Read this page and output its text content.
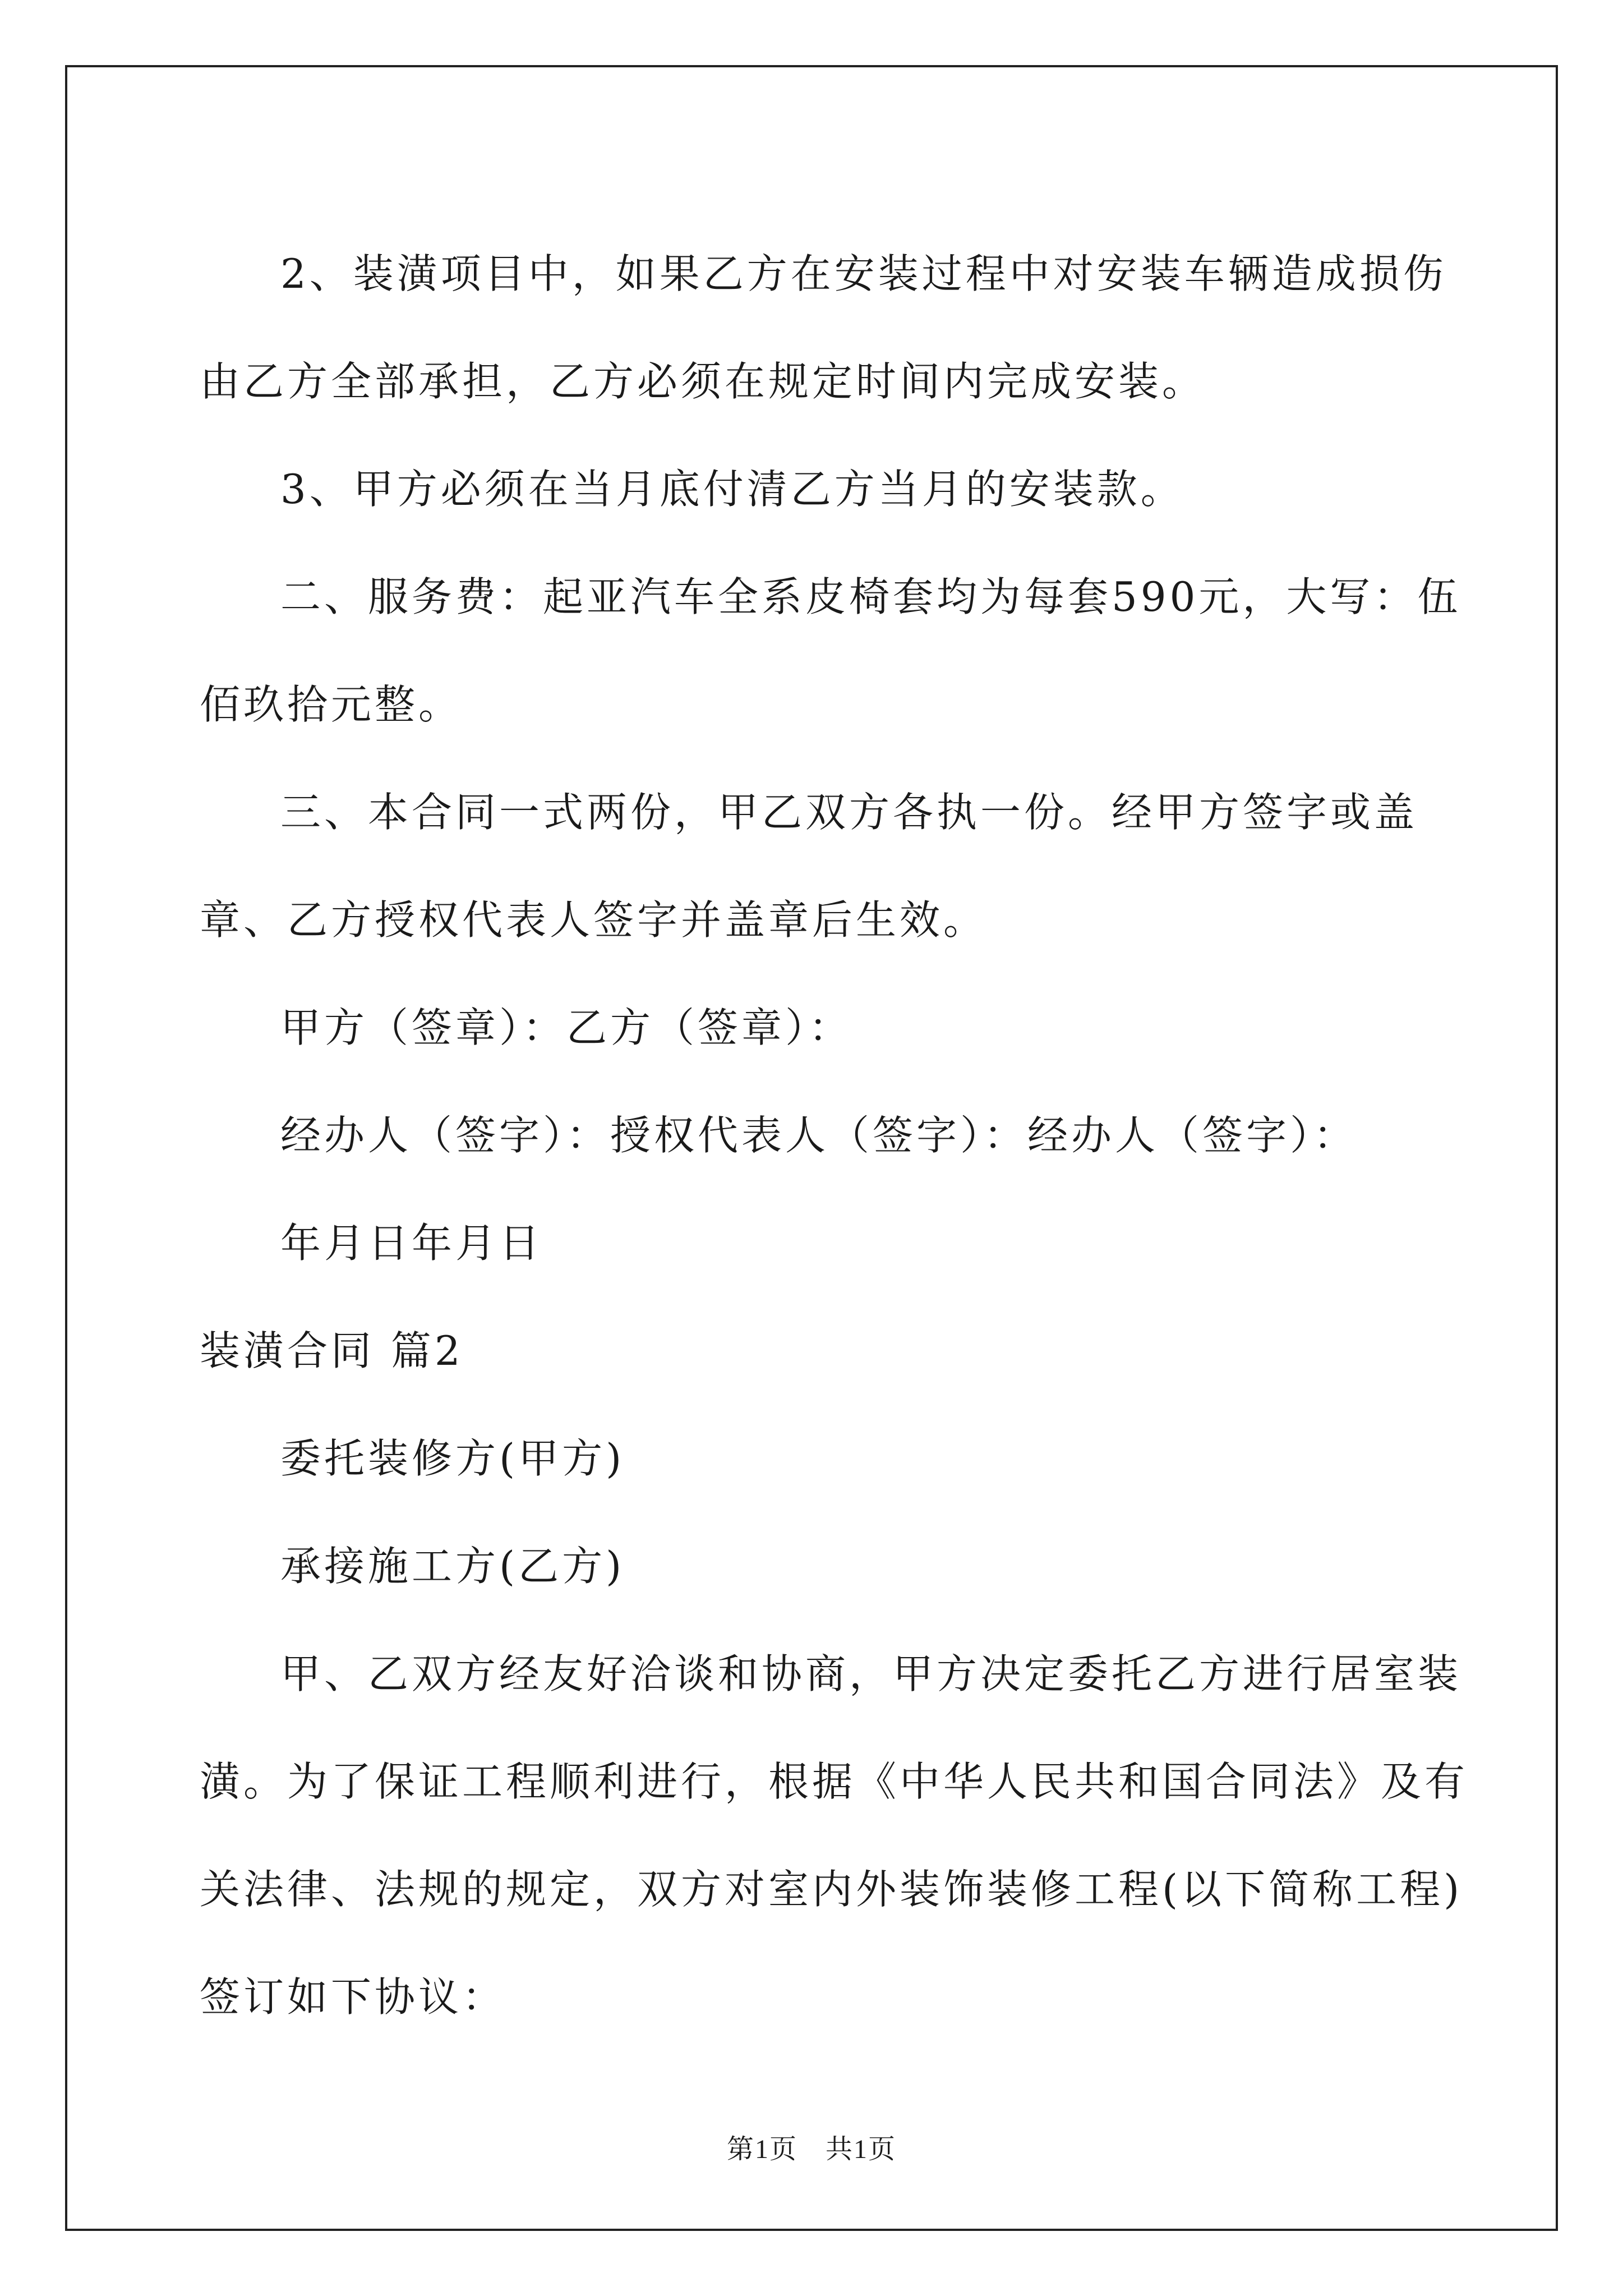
2、装潢项目中，如果乙方在安装过程中对安装车辆造成损伤由乙方全部承担，乙方必须在规定时间内完成安装。

3、甲方必须在当月底付清乙方当月的安装款。

二、服务费：起亚汽车全系皮椅套均为每套590元，大写：伍佰玖拾元整。

三、本合同一式两份，甲乙双方各执一份。经甲方签字或盖章、乙方授权代表人签字并盖章后生效。

甲方（签章）：乙方（签章）：

经办人（签字）：授权代表人（签字）：经办人（签字）：

年月日年月日

装潢合同 篇2

委托装修方(甲方)

承接施工方(乙方)

甲、乙双方经友好洽谈和协商，甲方决定委托乙方进行居室装潢。为了保证工程顺利进行，根据《中华人民共和国合同法》及有关法律、法规的规定，双方对室内外装饰装修工程(以下简称工程)签订如下协议：

第1页　共1页
